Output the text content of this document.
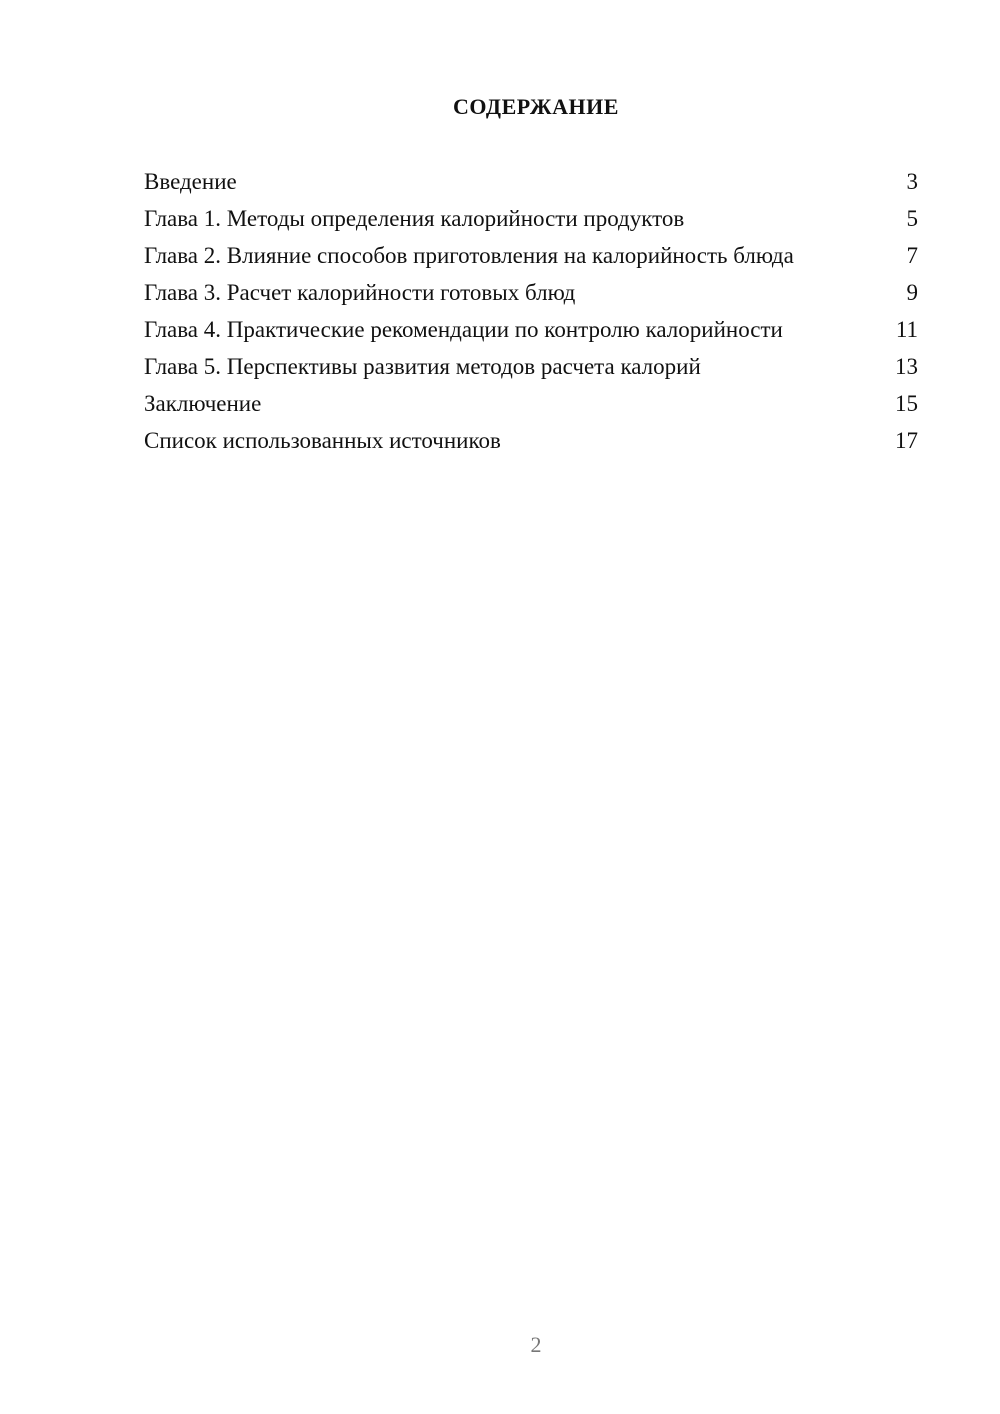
СОДЕРЖАНИЕ
Введение	3
Глава 1. Методы определения калорийности продуктов	5
Глава 2. Влияние способов приготовления на калорийность блюда	7
Глава 3. Расчет калорийности готовых блюд	9
Глава 4. Практические рекомендации по контролю калорийности	11
Глава 5. Перспективы развития методов расчета калорий	13
Заключение	15
Список использованных источников	17
2
